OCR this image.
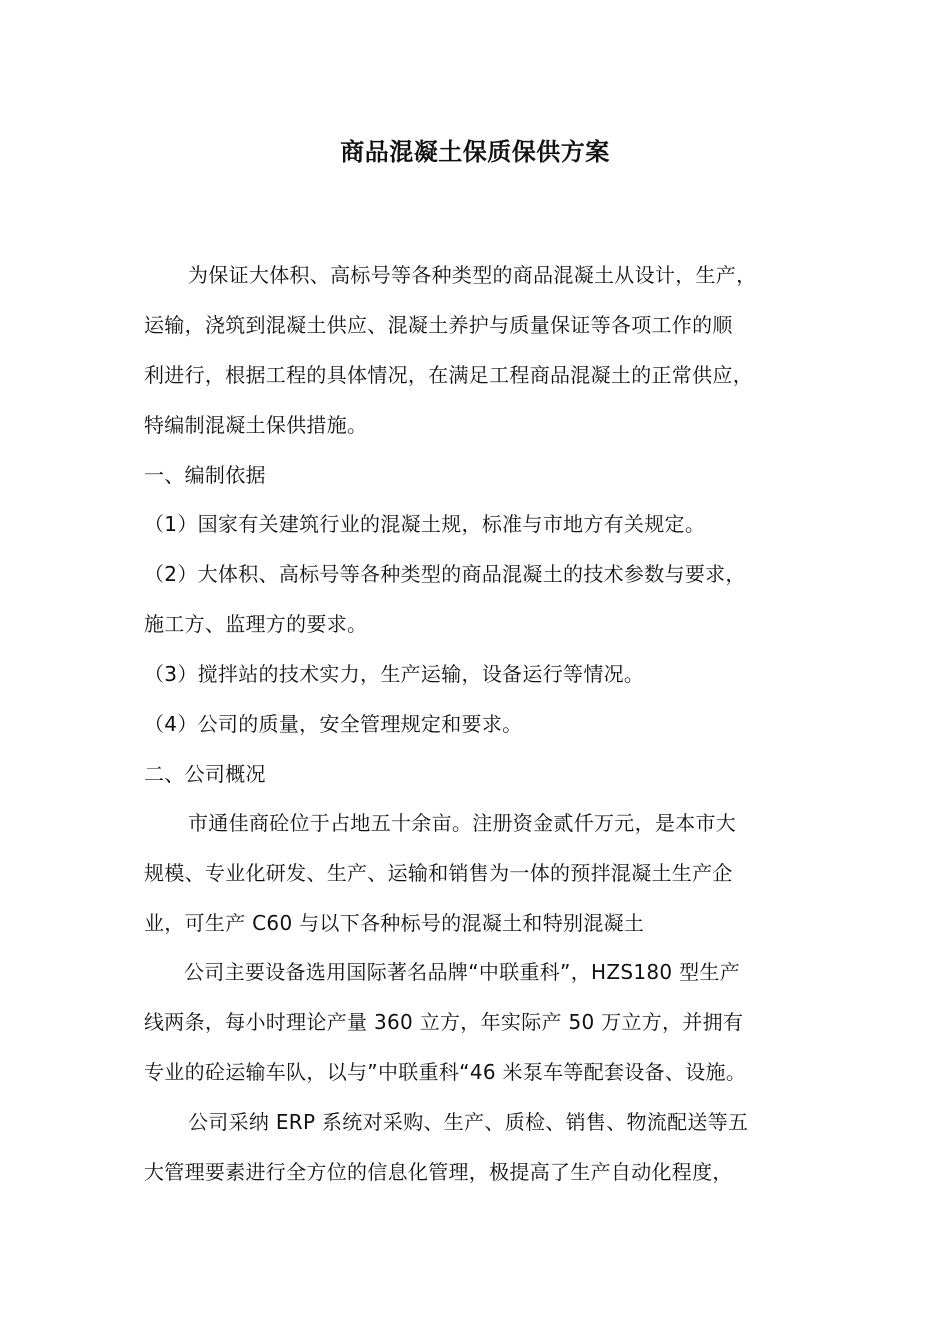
商品混凝土保质保供方案
为保证大体积、高标号等各种类型的商品混凝土从设计，生产，
运输，浇筑到混凝土供应、混凝土养护与质量保证等各项工作的顺
利进行，根据工程的具体情况，在满足工程商品混凝土的正常供应，
特编制混凝土保供措施。
一、编制依据
（1）国家有关建筑行业的混凝土规，标准与市地方有关规定。
（2）大体积、高标号等各种类型的商品混凝土的技术参数与要求，
施工方、监理方的要求。
（3）搅拌站的技术实力，生产运输，设备运行等情况。
（4）公司的质量，安全管理规定和要求。
二、公司概况
市通佳商砼位于占地五十余亩。注册资金贰仟万元，是本市大
规模、专业化研发、生产、运输和销售为一体的预拌混凝土生产企
业，可生产 C60 与以下各种标号的混凝土和特别混凝土
公司主要设备选用国际著名品牌“中联重科”，HZS180 型生产
线两条，每小时理论产量 360 立方，年实际产 50 万立方，并拥有
专业的砼运输车队，以与”中联重科“46 米泵车等配套设备、设施。
公司采纳 ERP 系统对采购、生产、质检、销售、物流配送等五
大管理要素进行全方位的信息化管理，极提高了生产自动化程度，
